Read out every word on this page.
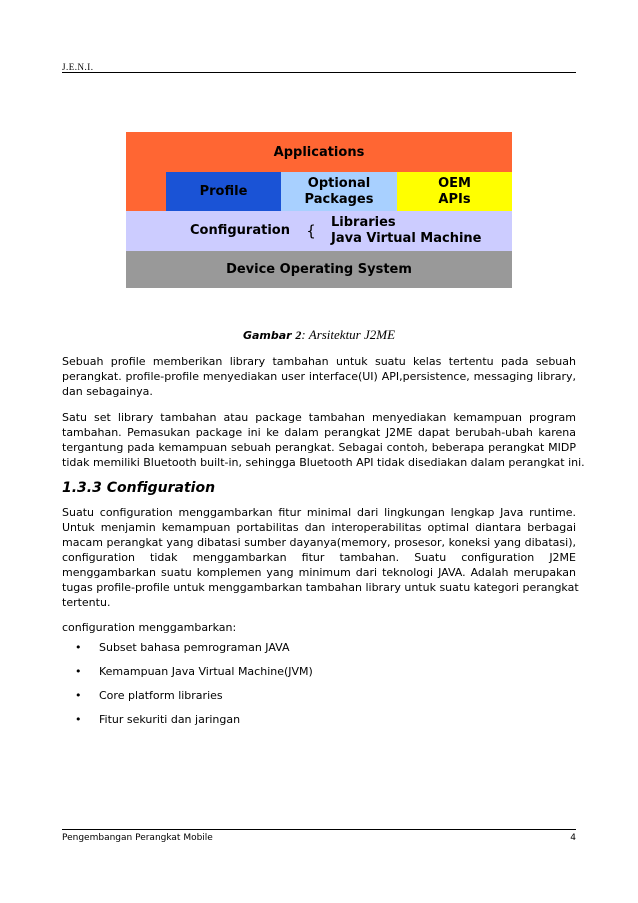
J.E.N.I.
Applications
Profile
Optional
Packages
OEM
APIs
Configuration	{ Libraries
Java Virtual Machine
Device Operating System
Gambar 2: Arsitektur J2ME
Sebuah profile memberikan library tambahan untuk suatu kelas tertentu pada sebuah
perangkat. profile-profile menyediakan user interface(UI) API,persistence, messaging library,
dan sebagainya.
Satu set library tambahan atau package tambahan menyediakan kemampuan program
tambahan. Pemasukan package ini ke dalam perangkat J2ME dapat berubah-ubah karena
tergantung pada kemampuan sebuah perangkat. Sebagai contoh, beberapa perangkat MIDP
tidak memiliki Bluetooth built-in, sehingga Bluetooth API tidak disediakan dalam perangkat ini.
1.3.3 Configuration
Suatu configuration menggambarkan fitur minimal dari lingkungan lengkap Java runtime.
Untuk menjamin kemampuan portabilitas dan interoperabilitas optimal diantara berbagai
macam perangkat yang dibatasi sumber dayanya(memory, prosesor, koneksi yang dibatasi),
configuration tidak menggambarkan fitur tambahan. Suatu configuration J2ME
menggambarkan suatu komplemen yang minimum dari teknologi JAVA. Adalah merupakan
tugas profile-profile untuk menggambarkan tambahan library untuk suatu kategori perangkat
tertentu.
configuration menggambarkan:
•	Subset bahasa pemrograman JAVA
•	Kemampuan Java Virtual Machine(JVM)
•	Core platform libraries
•	Fitur sekuriti dan jaringan
Pengembangan Perangkat Mobile	4
